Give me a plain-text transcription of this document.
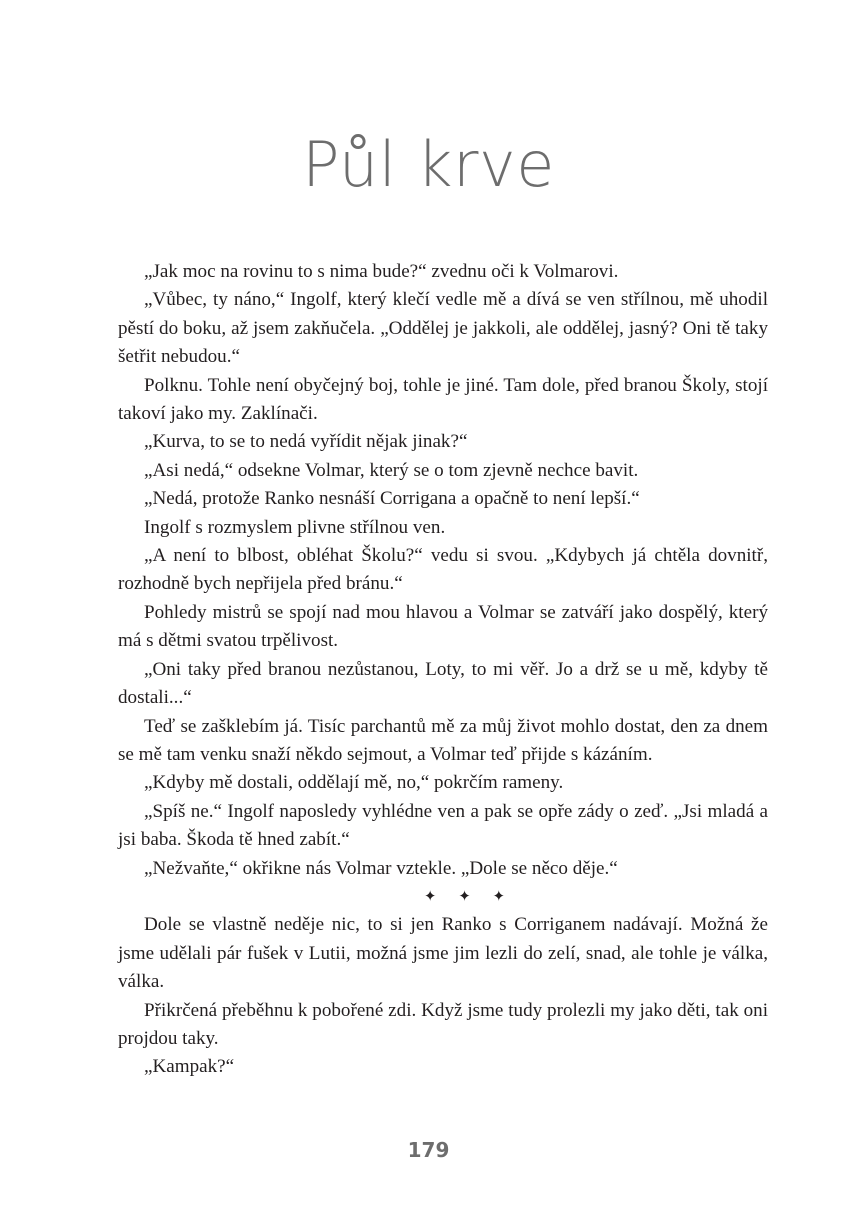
Půl krve

„Jak moc na rovinu to s nima bude?“ zvednu oči k Volmarovi.

„Vůbec, ty náno,“ Ingolf, který klečí vedle mě a dívá se ven střílnou, mě uhodil pěstí do boku, až jsem zakňučela. „Oddělej je jakkoli, ale oddělej, jasný? Oni tě taky šetřit nebudou.“

Polknu. Tohle není obyčejný boj, tohle je jiné. Tam dole, před branou Školy, stojí takoví jako my. Zaklínači.

„Kurva, to se to nedá vyřídit nějak jinak?“

„Asi nedá,“ odsekne Volmar, který se o tom zjevně nechce bavit.

„Nedá, protože Ranko nesnáší Corrigana a opačně to není lepší.“

Ingolf s rozmyslem plivne střílnou ven.

„A není to blbost, obléhat Školu?“ vedu si svou. „Kdybych já chtěla dovnitř, rozhodně bych nepřijela před bránu.“

Pohledy mistrů se spojí nad mou hlavou a Volmar se zatváří jako dospělý, který má s dětmi svatou trpělivost.

„Oni taky před branou nezůstanou, Loty, to mi věř. Jo a drž se u mě, kdyby tě dostali...“

Teď se zašklebím já. Tisíc parchantů mě za můj život mohlo dostat, den za dnem se mě tam venku snaží někdo sejmout, a Volmar teď přijde s kázáním.

„Kdyby mě dostali, oddělají mě, no,“ pokrčím rameny.

„Spíš ne.“ Ingolf naposledy vyhlédne ven a pak se opře zády o zeď. „Jsi mladá a jsi baba. Škoda tě hned zabít.“

„Nežvaňte,“ okřikne nás Volmar vztekle. „Dole se něco děje.“

✦ ✦ ✦

Dole se vlastně neděje nic, to si jen Ranko s Corriganem nadávají. Možná že jsme udělali pár fušek v Lutii, možná jsme jim lezli do zelí, snad, ale tohle je válka, válka.

Přikrčená přeběhnu k pobořené zdi. Když jsme tudy prolezli my jako děti, tak oni projdou taky.

„Kampak?“

179
